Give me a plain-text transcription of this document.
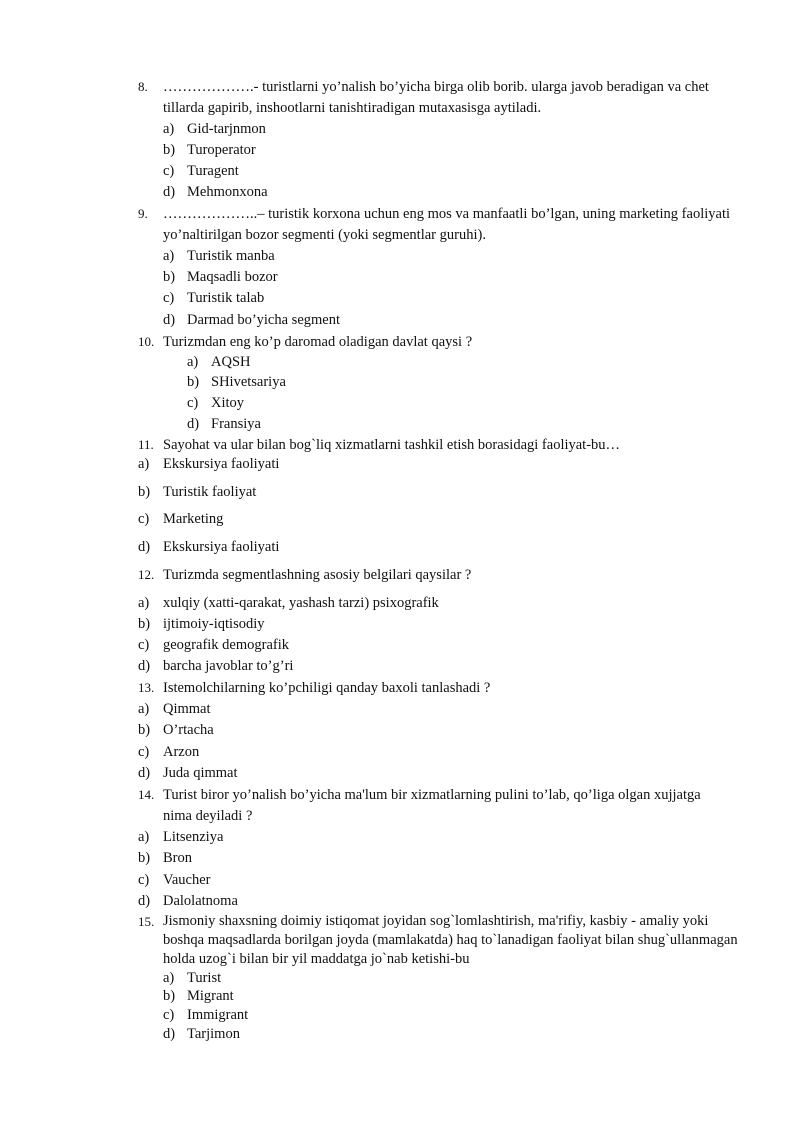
8. ……………….- turistlarni yo’nalish bo’yicha birga olib borib. ularga javob beradigan va chet tillarda gapirib, inshootlarni tanishtiradigan mutaxasisga aytiladi.
a) Gid-tarjnmon
b) Turoperator
c) Turagent
d) Mehmonxona
9. ………………..– turistik korxona uchun eng mos va manfaatli bo’lgan, uning marketing faoliyati yo’naltirilgan bozor segmenti (yoki segmentlar guruhi).
a) Turistik manba
b) Maqsadli bozor
c) Turistik talab
d) Darmad bo’yicha segment
10. Turizmdan eng ko’p daromad oladigan davlat qaysi ?
a) AQSH
b) SHivetsariya
c) Xitoy
d) Fransiya
11. Sayohat va ular bilan bog`liq xizmatlarni tashkil etish borasidagi faoliyat-bu…
a) Ekskursiya faoliyati
b) Turistik faoliyat
c) Marketing
d) Ekskursiya faoliyati
12. Turizmda segmentlashning asosiy belgilari qaysilar ?
a) xulqiy (xatti-qarakat, yashash tarzi) psixografik
b) ijtimoiy-iqtisodiy
c) geografik demografik
d) barcha javoblar to’g’ri
13. Istemolchilarning ko’pchiligi qanday baxoli tanlashadi ?
a) Qimmat
b) O’rtacha
c) Arzon
d) Juda qimmat
14. Turist biror yo’nalish bo’yicha ma'lum bir xizmatlarning pulini to’lab, qo’liga olgan xujjatga nima deyiladi ?
a) Litsenziya
b) Bron
c) Vaucher
d) Dalolatnoma
15. Jismoniy shaxsning doimiy istiqomat joyidan sog`lomlashtirish, ma'rifiy, kasbiy - amaliy yoki boshqa maqsadlarda borilgan joyda (mamlakatda) haq to`lanadigan faoliyat bilan shug`ullanmagan holda uzog`i bilan bir yil maddatga jo`nab ketishi-bu
a) Turist
b) Migrant
c) Immigrant
d) Tarjimon
